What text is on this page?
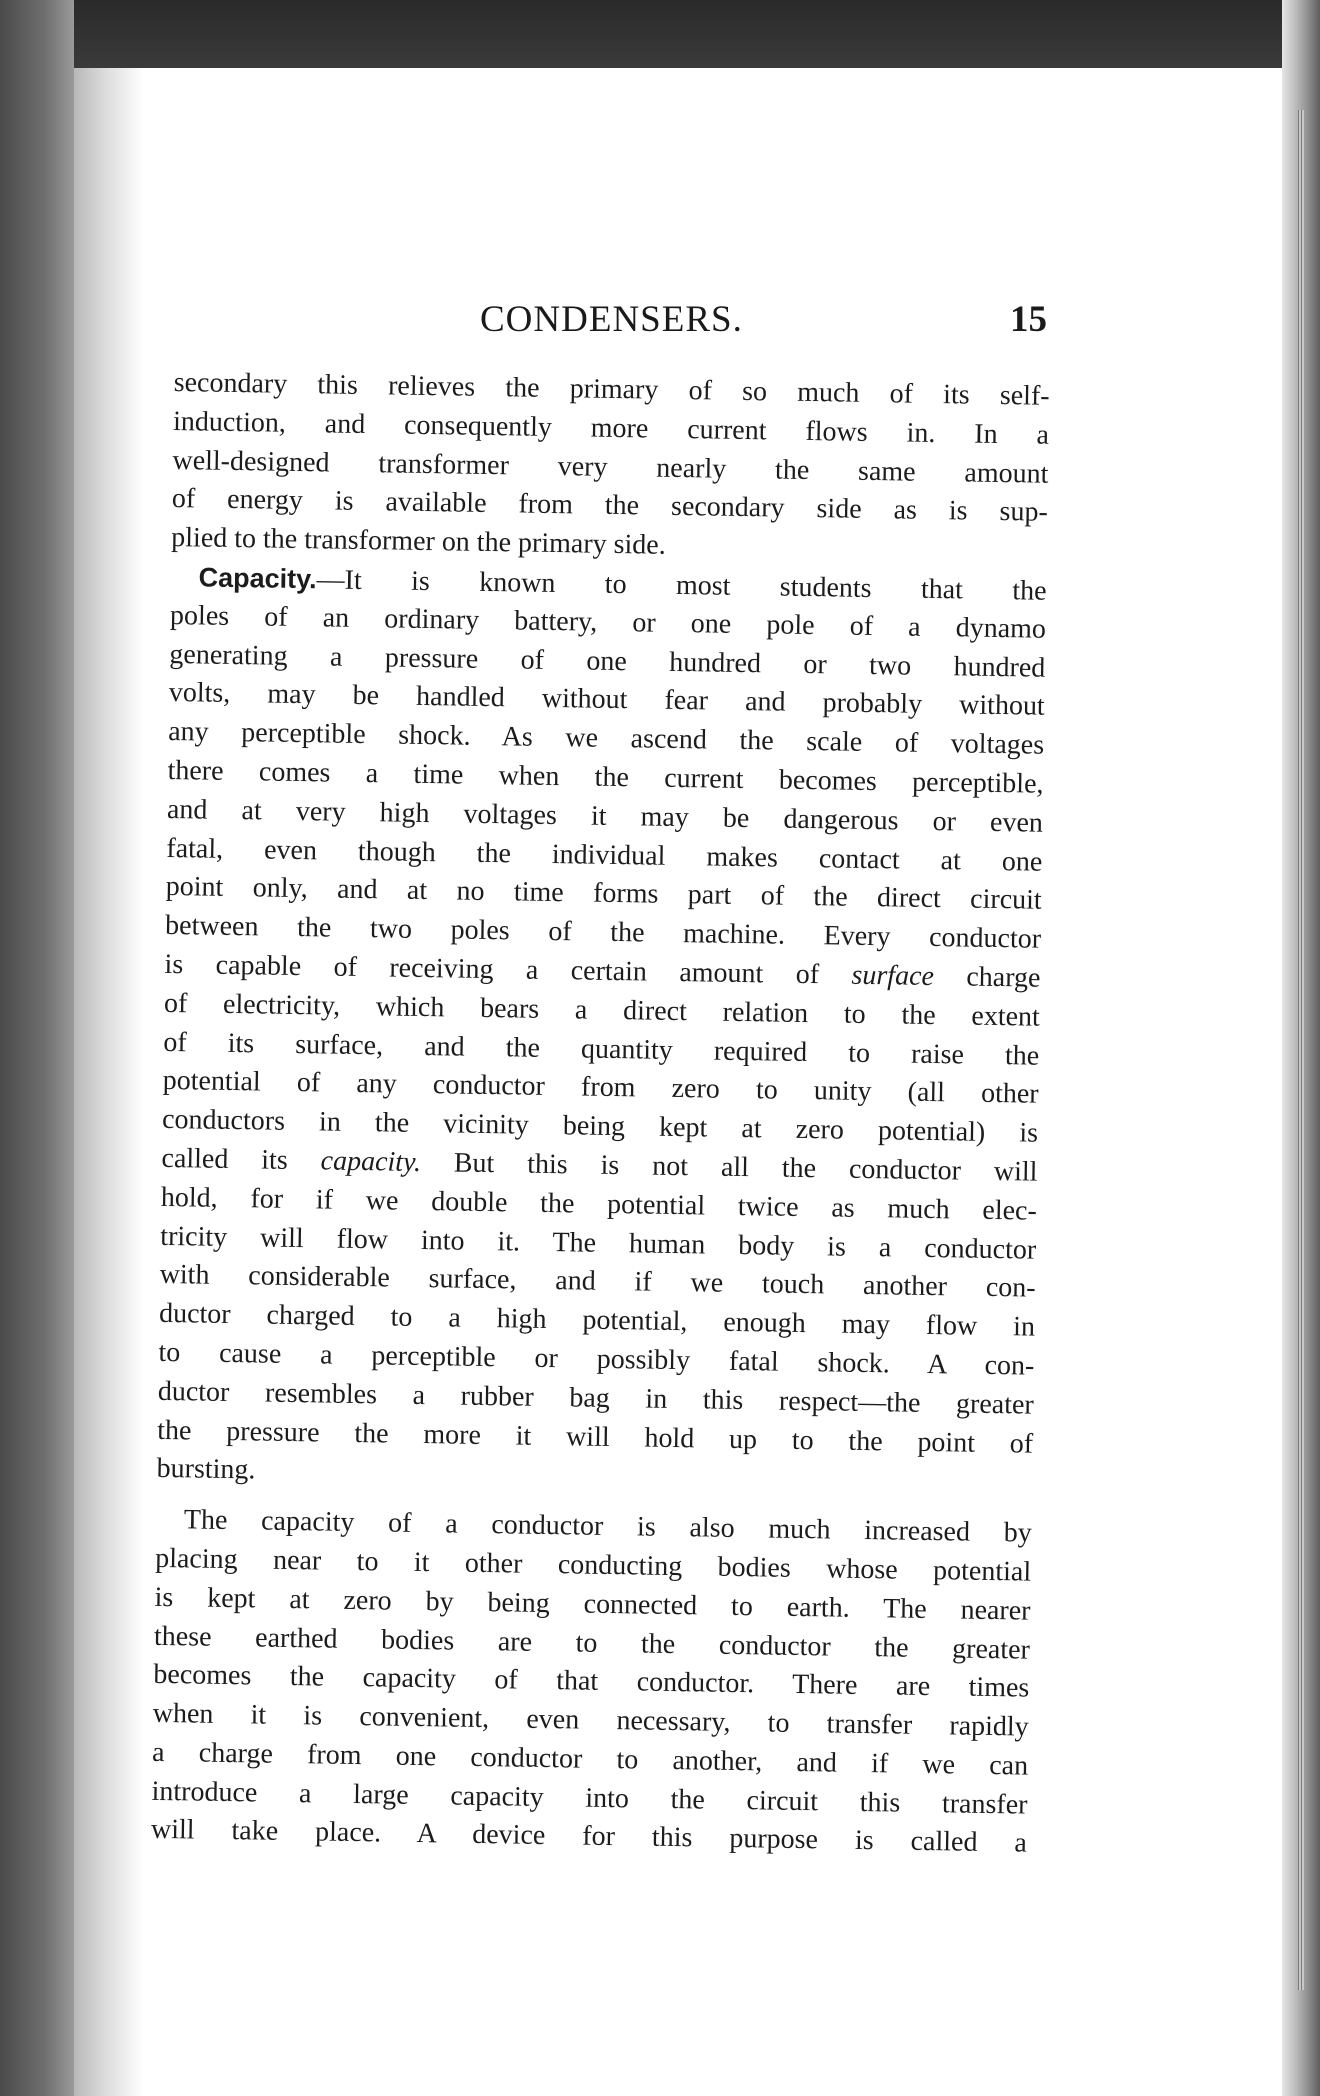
CONDENSERS.	15
secondary this relieves the primary of so much of its self-
induction, and consequently more current flows in. In a
well-designed transformer very nearly the same amount
of energy is available from the secondary side as is sup-
plied to the transformer on the primary side.
Capacity.—It is known to most students that the
poles of an ordinary battery, or one pole of a dynamo
generating a pressure of one hundred or two hundred
volts, may be handled without fear and probably without
any perceptible shock. As we ascend the scale of voltages
there comes a time when the current becomes perceptible,
and at very high voltages it may be dangerous or even
fatal, even though the individual makes contact at one
point only, and at no time forms part of the direct circuit
between the two poles of the machine. Every conductor
is capable of receiving a certain amount of surface charge
of electricity, which bears a direct relation to the extent
of its surface, and the quantity required to raise the
potential of any conductor from zero to unity (all other
conductors in the vicinity being kept at zero potential) is
called its capacity. But this is not all the conductor will
hold, for if we double the potential twice as much elec-
tricity will flow into it. The human body is a conductor
with considerable surface, and if we touch another con-
ductor charged to a high potential, enough may flow in
to cause a perceptible or possibly fatal shock. A con-
ductor resembles a rubber bag in this respect—the greater
the pressure the more it will hold up to the point of
bursting.
The capacity of a conductor is also much increased by
placing near to it other conducting bodies whose potential
is kept at zero by being connected to earth. The nearer
these earthed bodies are to the conductor the greater
becomes the capacity of that conductor. There are times
when it is convenient, even necessary, to transfer rapidly
a charge from one conductor to another, and if we can
introduce a large capacity into the circuit this transfer
will take place. A device for this purpose is called a
